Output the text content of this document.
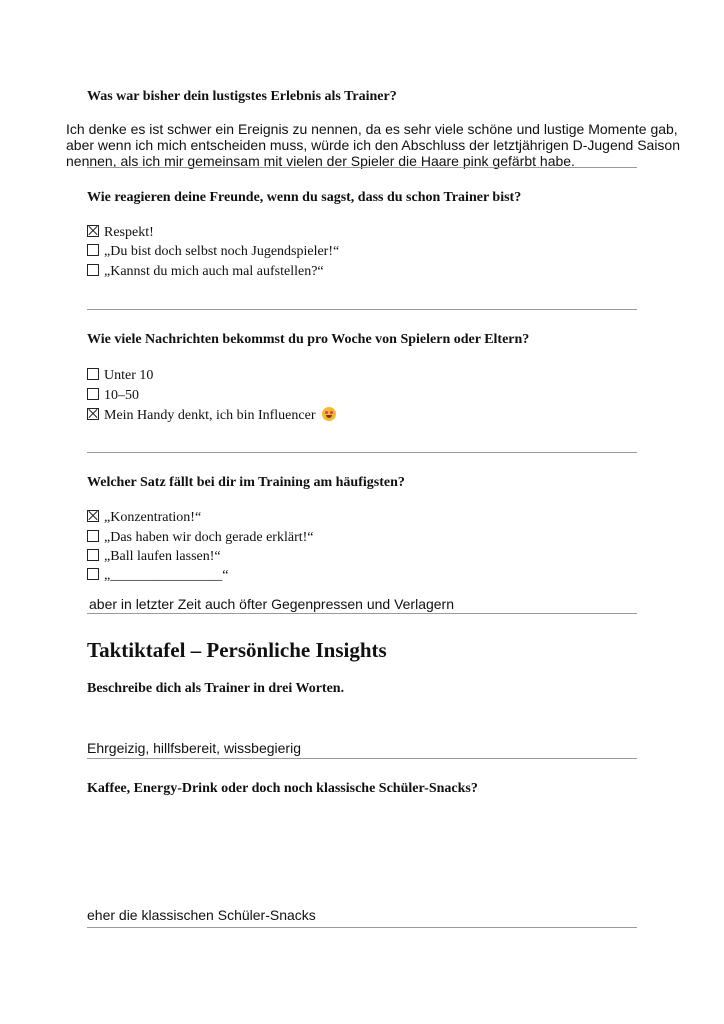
Was war bisher dein lustigstes Erlebnis als Trainer?
Ich denke es ist schwer ein Ereignis zu nennen, da es sehr viele schöne und lustige Momente gab,
aber wenn ich mich entscheiden muss, würde ich den Abschluss der letztjährigen D-Jugend Saison
nennen, als ich mir gemeinsam mit vielen der Spieler die Haare pink gefärbt habe.
Wie reagieren deine Freunde, wenn du sagst, dass du schon Trainer bist?
Respekt!
„Du bist doch selbst noch Jugendspieler!“
„Kannst du mich auch mal aufstellen?“
Wie viele Nachrichten bekommst du pro Woche von Spielern oder Eltern?
Unter 10
10–50
Mein Handy denkt, ich bin Influencer
Welcher Satz fällt bei dir im Training am häufigsten?
„Konzentration!“
„Das haben wir doch gerade erklärt!“
„Ball laufen lassen!“
„________________“
aber in letzter Zeit auch öfter Gegenpressen und Verlagern
Taktiktafel – Persönliche Insights
Beschreibe dich als Trainer in drei Worten.
Ehrgeizig, hillfsbereit, wissbegierig
Kaffee, Energy-Drink oder doch noch klassische Schüler-Snacks?
eher die klassischen Schüler-Snacks
